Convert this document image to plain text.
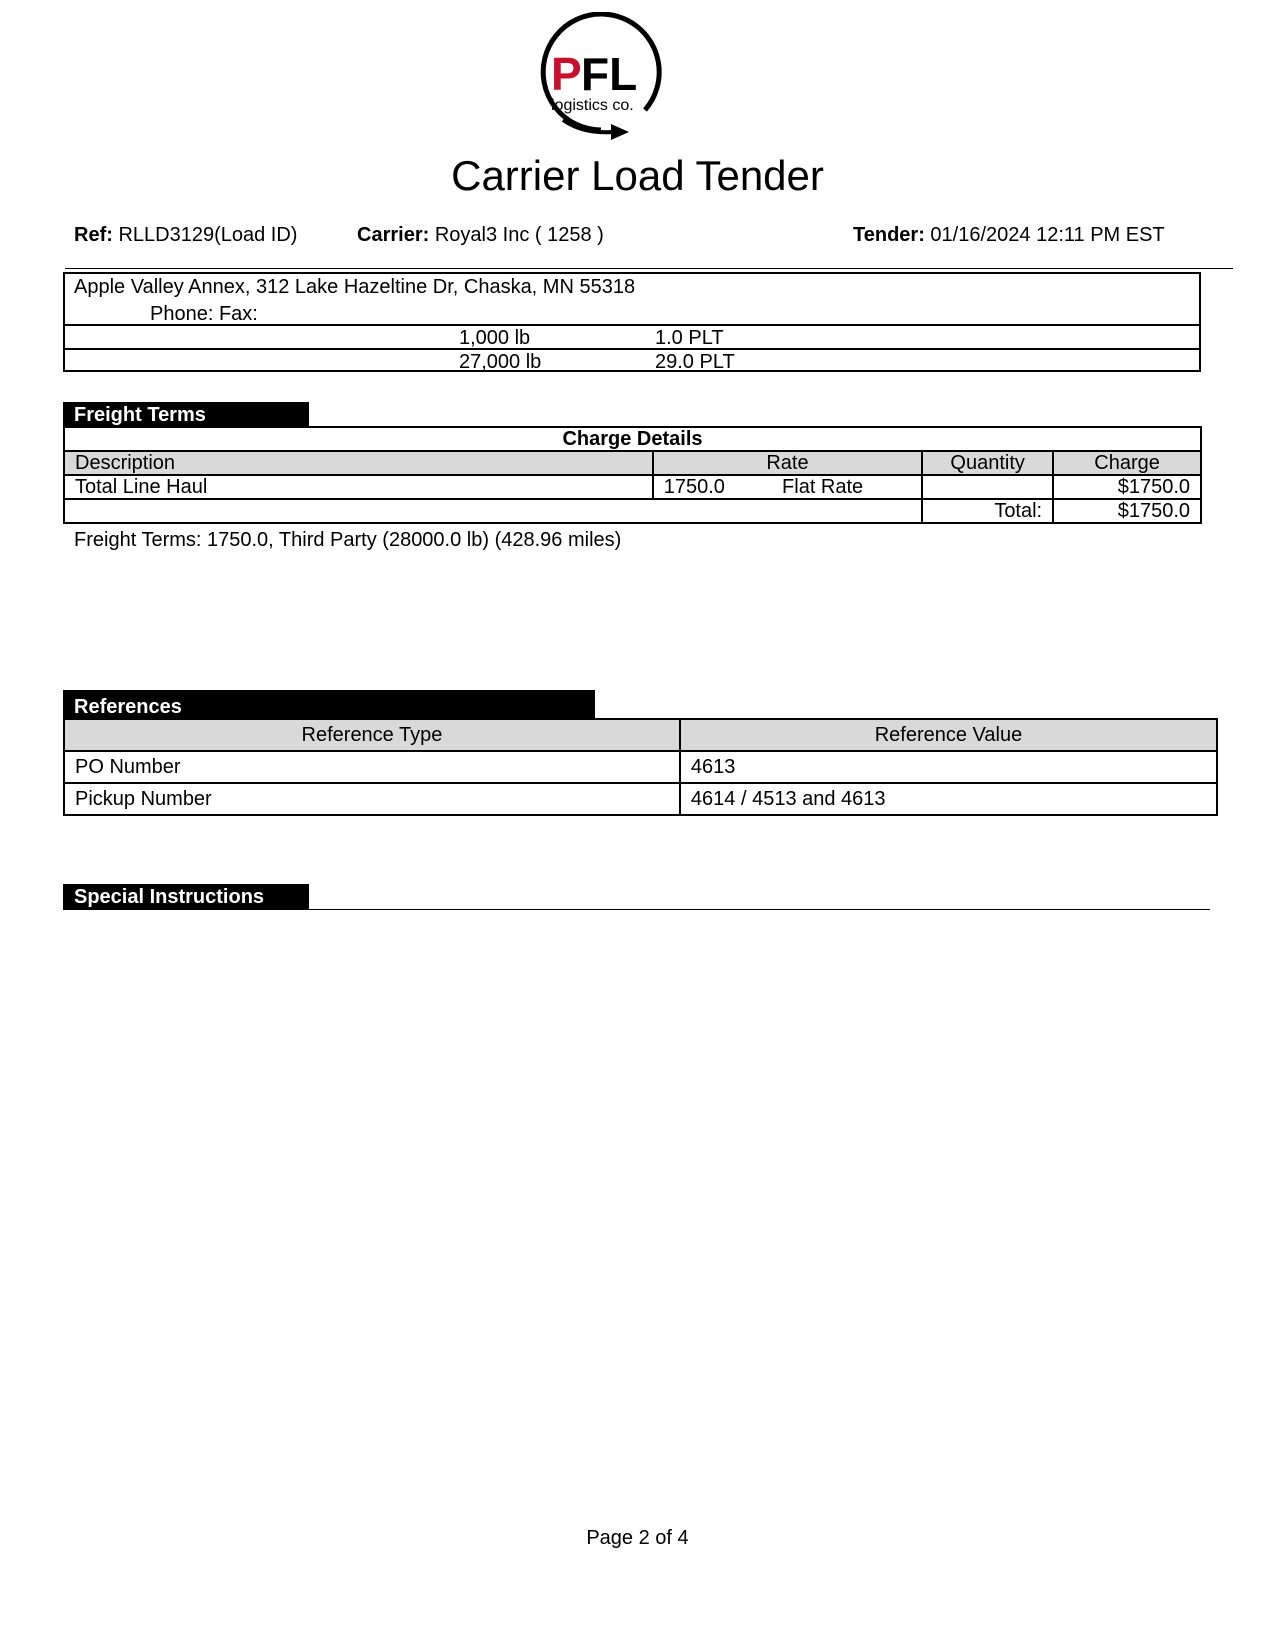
P FL
logistics co.
Carrier Load Tender
Ref: RLLD3129(Load ID)	Carrier: Royal3 Inc ( 1258 )	Tender: 01/16/2024 12:11 PM EST
Apple Valley Annex, 312 Lake Hazeltine Dr, Chaska, MN 55318
Phone: Fax:
1,000 lb	1.0 PLT
27,000 lb	29.0 PLT
Freight Terms
Charge Details			
Description	Rate	Quantity	Charge
Total Line Haul	1750.0 Flat Rate		$1750.0
		Total:	$1750.0
Freight Terms: 1750.0, Third Party (28000.0 lb) (428.96 miles)
References
Reference Type	Reference Value
PO Number	4613
Pickup Number	4614 / 4513 and 4613
Special Instructions
Page 2 of 4
